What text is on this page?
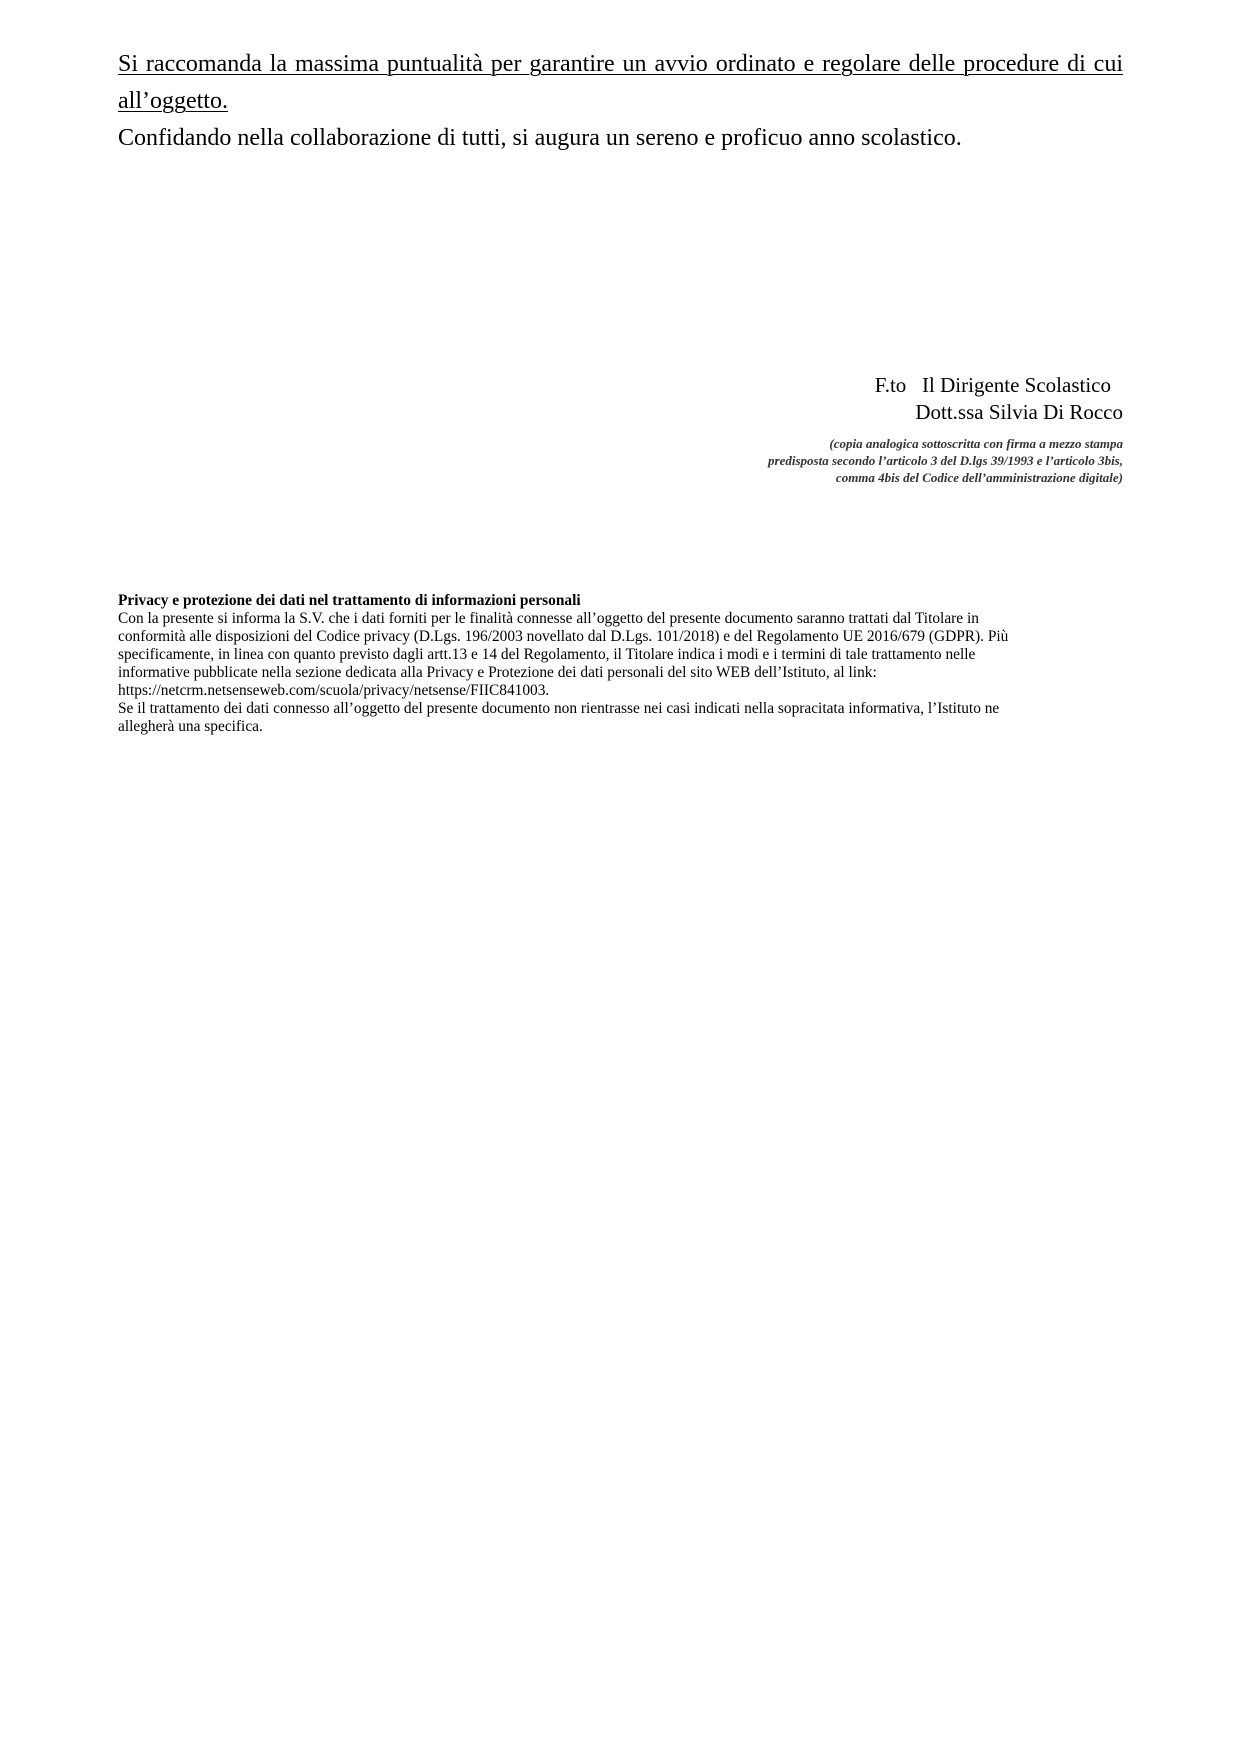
Si raccomanda la massima puntualità per garantire un avvio ordinato e regolare delle procedure di cui all’oggetto.

Confidando nella collaborazione di tutti, si augura un sereno e proficuo anno scolastico.

F.to   Il Dirigente Scolastico
Dott.ssa Silvia Di Rocco
(copia analogica sottoscritta con firma a mezzo stampa
predisposta secondo l’articolo 3 del D.lgs 39/1993 e l’articolo 3bis,
comma 4bis del Codice dell’amministrazione digitale)

Privacy e protezione dei dati nel trattamento di informazioni personali

Con la presente si informa la S.V. che i dati forniti per le finalità connesse all’oggetto del presente documento saranno trattati dal Titolare in

conformità alle disposizioni del Codice privacy (D.Lgs. 196/2003 novellato dal D.Lgs. 101/2018) e del Regolamento UE 2016/679 (GDPR). Più

specificamente, in linea con quanto previsto dagli artt.13 e 14 del Regolamento, il Titolare indica i modi e i termini di tale trattamento nelle

informative pubblicate nella sezione dedicata alla Privacy e Protezione dei dati personali del sito WEB dell’Istituto, al link:

https://netcrm.netsenseweb.com/scuola/privacy/netsense/FIIC841003.

Se il trattamento dei dati connesso all’oggetto del presente documento non rientrasse nei casi indicati nella sopracitata informativa, l’Istituto ne

allegherà una specifica.
